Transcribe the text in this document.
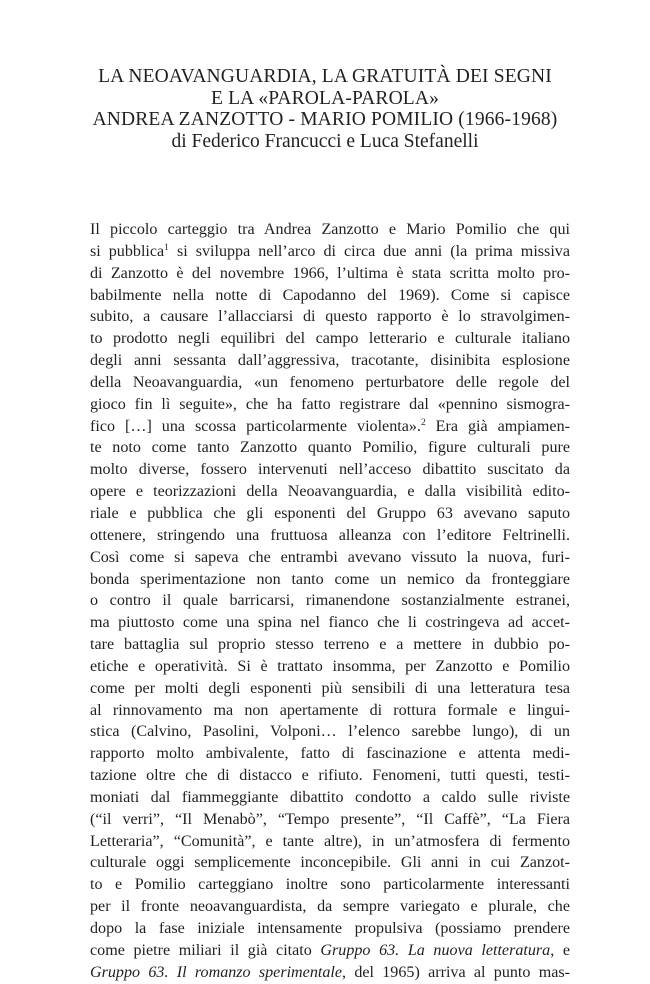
LA NEOAVANGUARDIA, LA GRATUITÀ DEI SEGNI
E LA «PAROLA-PAROLA»
ANDREA ZANZOTTO - MARIO POMILIO (1966-1968)
di Federico Francucci e Luca Stefanelli
Il piccolo carteggio tra Andrea Zanzotto e Mario Pomilio che qui
si pubblica$^1$ si sviluppa nell’arco di circa due anni (la prima missiva
di Zanzotto è del novembre 1966, l’ultima è stata scritta molto pro-
babilmente nella notte di Capodanno del 1969). Come si capisce
subito, a causare l’allacciarsi di questo rapporto è lo stravolgimen-
to prodotto negli equilibri del campo letterario e culturale italiano
degli anni sessanta dall’aggressiva, tracotante, disinibita esplosione
della Neoavanguardia, «un fenomeno perturbatore delle regole del
gioco fin lì seguite», che ha fatto registrare dal «pennino sismogra-
fico […] una scossa particolarmente violenta».$^2$ Era già ampiamen-
te noto come tanto Zanzotto quanto Pomilio, figure culturali pure
molto diverse, fossero intervenuti nell’acceso dibattito suscitato da
opere e teorizzazioni della Neoavanguardia, e dalla visibilità edito-
riale e pubblica che gli esponenti del Gruppo 63 avevano saputo
ottenere, stringendo una fruttuosa alleanza con l’editore Feltrinelli.
Così come si sapeva che entrambi avevano vissuto la nuova, furi-
bonda sperimentazione non tanto come un nemico da fronteggiare
o contro il quale barricarsi, rimanendone sostanzialmente estranei,
ma piuttosto come una spina nel fianco che li costringeva ad accet-
tare battaglia sul proprio stesso terreno e a mettere in dubbio po-
etiche e operatività. Si è trattato insomma, per Zanzotto e Pomilio
come per molti degli esponenti più sensibili di una letteratura tesa
al rinnovamento ma non apertamente di rottura formale e lingui-
stica (Calvino, Pasolini, Volponi… l’elenco sarebbe lungo), di un
rapporto molto ambivalente, fatto di fascinazione e attenta medi-
tazione oltre che di distacco e rifiuto. Fenomeni, tutti questi, testi-
moniati dal fiammeggiante dibattito condotto a caldo sulle riviste
(“il verri”, “Il Menabò”, “Tempo presente”, “Il Caffè”, “La Fiera
Letteraria”, “Comunità”, e tante altre), in un’atmosfera di fermento
culturale oggi semplicemente inconcepibile. Gli anni in cui Zanzot-
to e Pomilio carteggiano inoltre sono particolarmente interessanti
per il fronte neoavanguardista, da sempre variegato e plurale, che
dopo la fase iniziale intensamente propulsiva (possiamo prendere
come pietre miliari il già citato Gruppo 63. La nuova letteratura, e
Gruppo 63. Il romanzo sperimentale, del 1965) arriva al punto mas-
